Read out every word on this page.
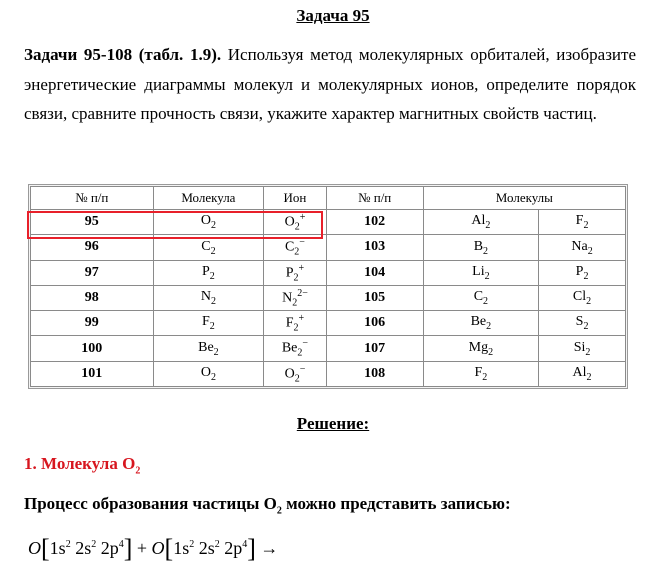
Задача 95
Задачи 95-108 (табл. 1.9). Используя метод молекулярных орбиталей, изобразите энергетические диаграммы молекул и молекулярных ионов, определите порядок связи, сравните прочность связи, укажите характер магнитных свойств частиц.
№ п/п	Молекула	Ион	№ п/п	Молекулы	
95	$O_2$	$O_2^+$	102	$Al_2$	$F_2$
96	$C_2$	$C_2^-$	103	$B_2$	$Na_2$
97	$P_2$	$P_2^+$	104	$Li_2$	$P_2$
98	$N_2$	$N_2^{2-}$	105	$C_2$	$Cl_2$
99	$F_2$	$F_2^+$	106	$Be_2$	$S_2$
100	$Be_2$	$Be_2^-$	107	$Mg_2$	$Si_2$
101	$O_2$	$O_2^-$	108	$F_2$	$Al_2$
Решение:
1. Молекула $O_2$
Процесс образования частицы $O_2$ можно представить записью:
$O[1s^2$ $2s^2$ $2p^4] + O[1s^2$ $2s^2$ $2p^4$] →
